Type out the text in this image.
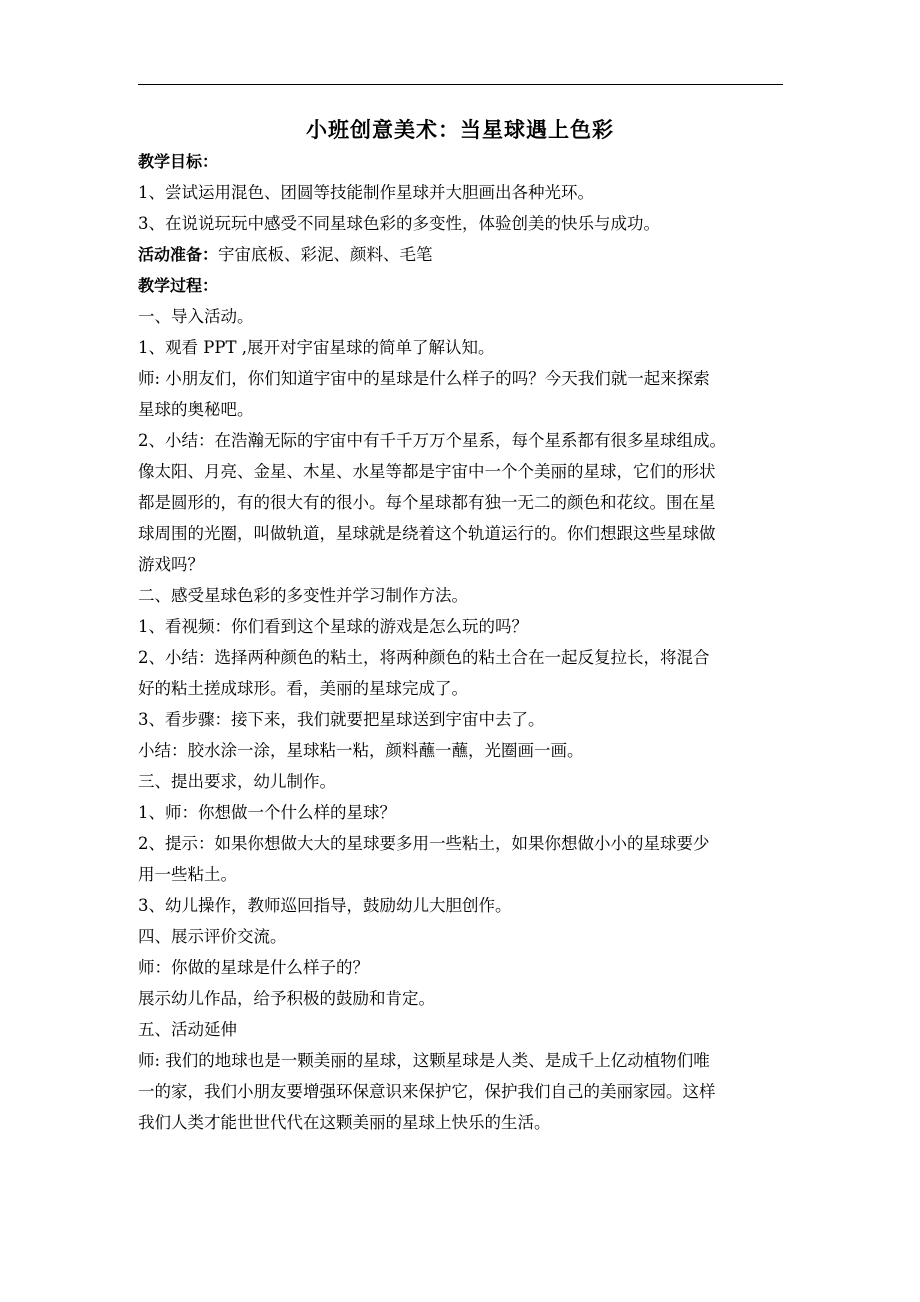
小班创意美术：当星球遇上色彩
教学目标：
1、尝试运用混色、团圆等技能制作星球并大胆画出各种光环。
3、在说说玩玩中感受不同星球色彩的多变性，体验创美的快乐与成功。
活动准备：宇宙底板、彩泥、颜料、毛笔
教学过程：
一、导入活动。
1、观看 PPT ,展开对宇宙星球的简单了解认知。
师: 小朋友们，你们知道宇宙中的星球是什么样子的吗？今天我们就一起来探索
星球的奥秘吧。
2、小结：在浩瀚无际的宇宙中有千千万万个星系，每个星系都有很多星球组成。
像太阳、月亮、金星、木星、水星等都是宇宙中一个个美丽的星球，它们的形状
都是圆形的，有的很大有的很小。每个星球都有独一无二的颜色和花纹。围在星
球周围的光圈，叫做轨道，星球就是绕着这个轨道运行的。你们想跟这些星球做
游戏吗？
二、感受星球色彩的多变性并学习制作方法。
1、看视频：你们看到这个星球的游戏是怎么玩的吗？
2、小结：选择两种颜色的粘土，将两种颜色的粘土合在一起反复拉长，将混合
好的粘土搓成球形。看，美丽的星球完成了。
3、看步骤：接下来，我们就要把星球送到宇宙中去了。
小结：胶水涂一涂，星球粘一粘，颜料蘸一蘸，光圈画一画。
三、提出要求，幼儿制作。
1、师：你想做一个什么样的星球？
2、提示：如果你想做大大的星球要多用一些粘土，如果你想做小小的星球要少
用一些粘土。
3、幼儿操作，教师巡回指导，鼓励幼儿大胆创作。
四、展示评价交流。
师：你做的星球是什么样子的？
展示幼儿作品，给予积极的鼓励和肯定。
五、活动延伸
师: 我们的地球也是一颗美丽的星球，这颗星球是人类、是成千上亿动植物们唯
一的家，我们小朋友要增强环保意识来保护它，保护我们自己的美丽家园。这样
我们人类才能世世代代在这颗美丽的星球上快乐的生活。
